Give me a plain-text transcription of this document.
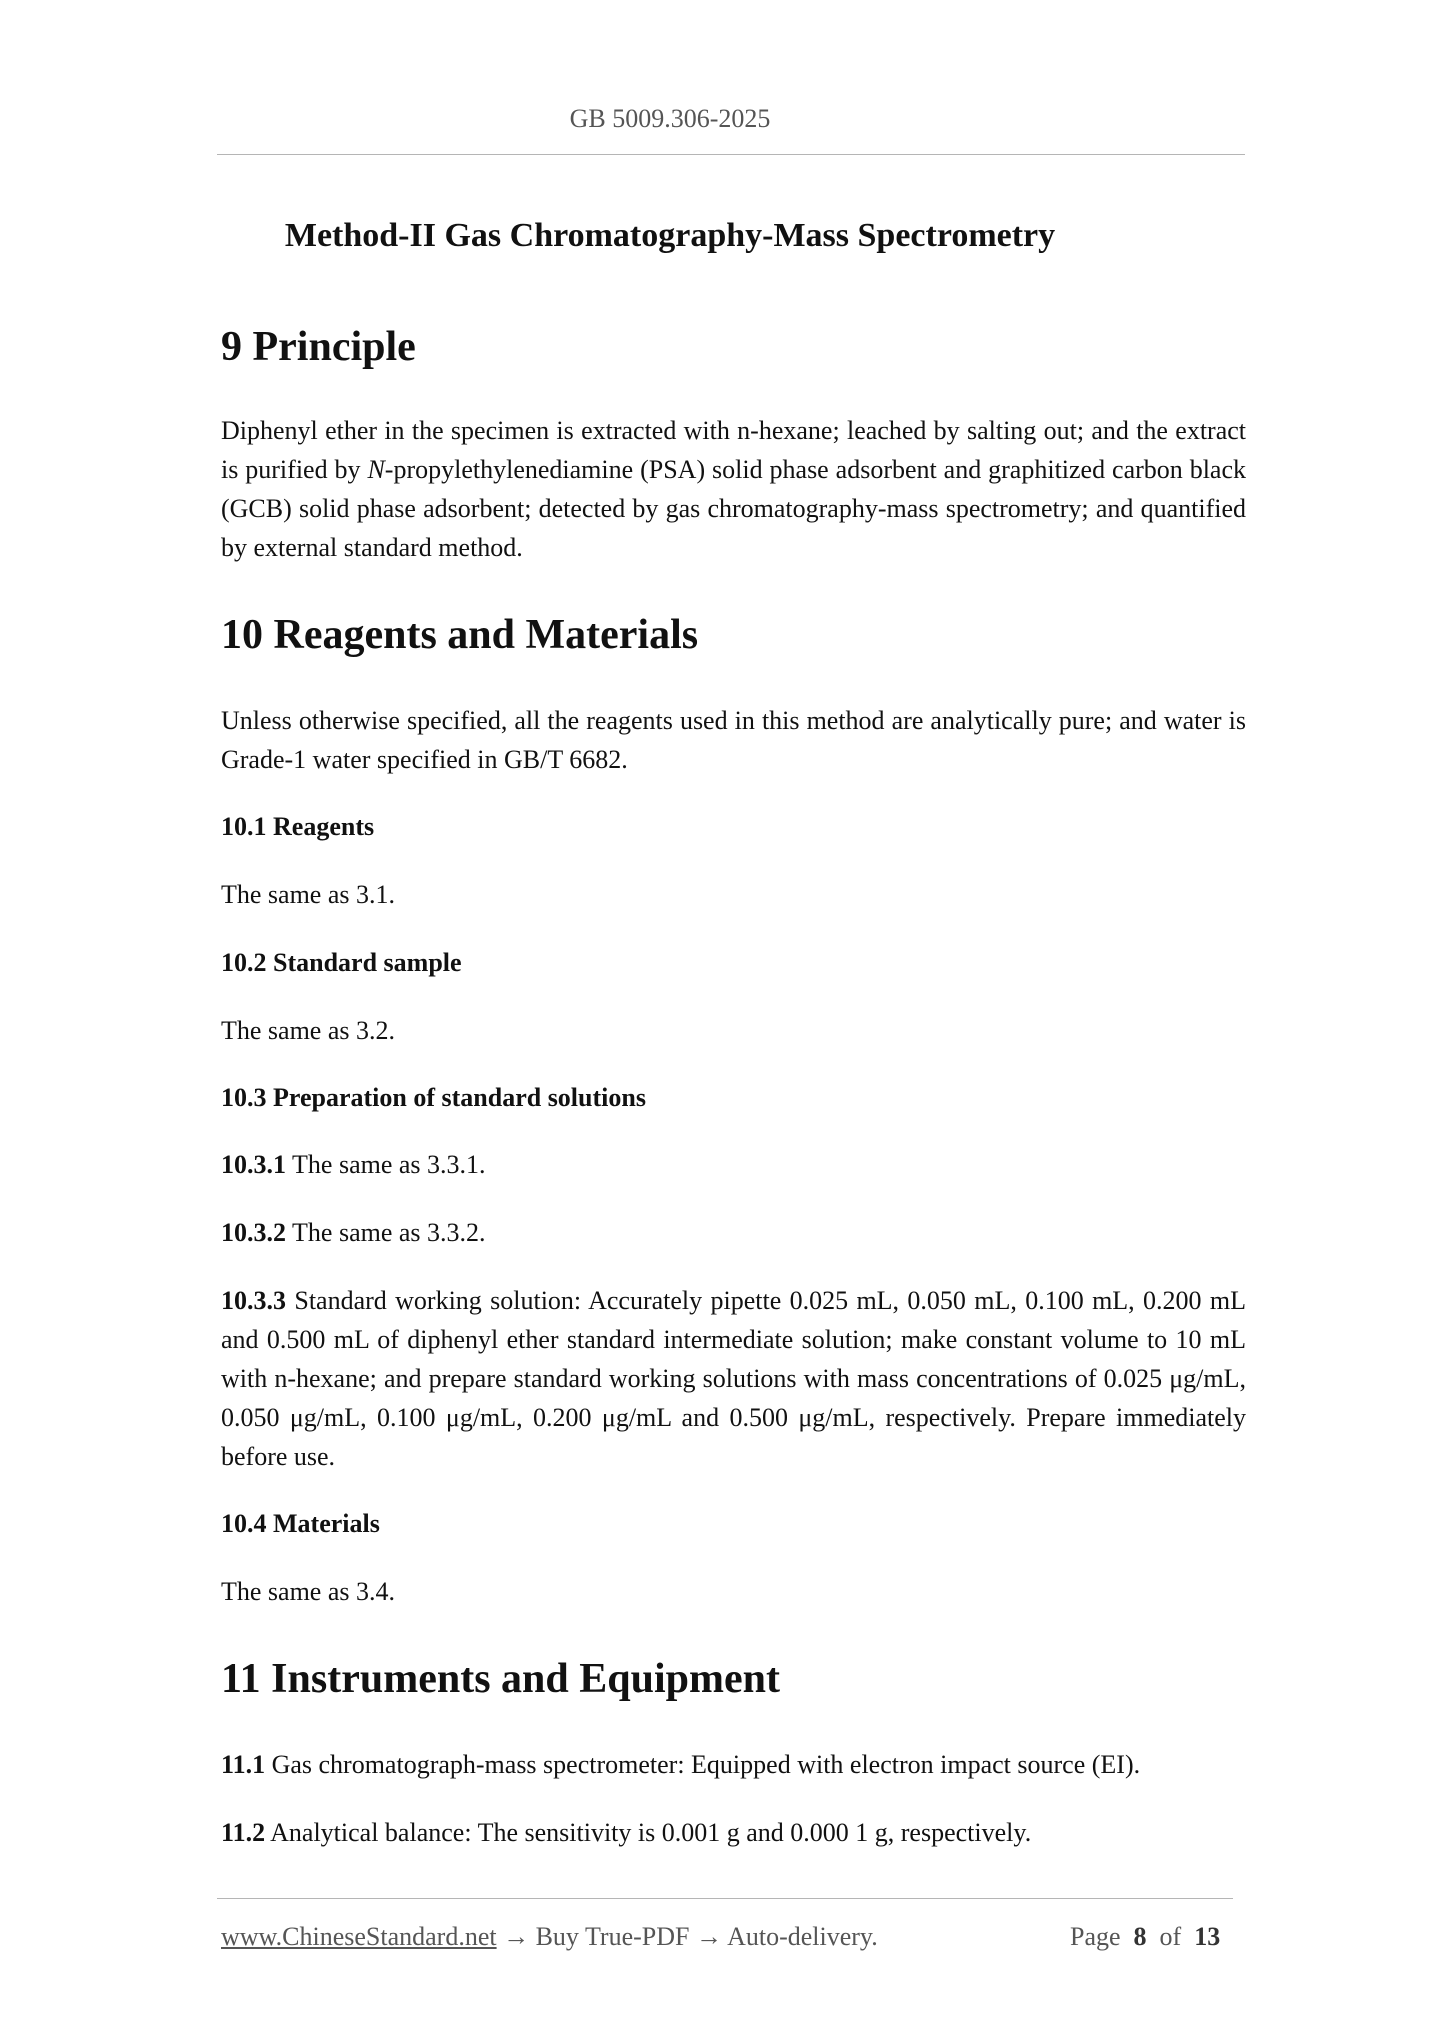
GB 5009.306-2025
Method-II Gas Chromatography-Mass Spectrometry
9 Principle

Diphenyl ether in the specimen is extracted with n-hexane; leached by salting out; and the extract is purified by N-propylethylenediamine (PSA) solid phase adsorbent and graphitized carbon black (GCB) solid phase adsorbent; detected by gas chromatography-mass spectrometry; and quantified by external standard method.

10 Reagents and Materials

Unless otherwise specified, all the reagents used in this method are analytically pure; and water is Grade-1 water specified in GB/T 6682.

10.1 Reagents

The same as 3.1.

10.2 Standard sample

The same as 3.2.

10.3 Preparation of standard solutions

10.3.1 The same as 3.3.1.

10.3.2 The same as 3.3.2.

10.3.3 Standard working solution: Accurately pipette 0.025 mL, 0.050 mL, 0.100 mL, 0.200 mL and 0.500 mL of diphenyl ether standard intermediate solution; make constant volume to 10 mL with n-hexane; and prepare standard working solutions with mass concentrations of 0.025 μg/mL, 0.050 μg/mL, 0.100 μg/mL, 0.200 μg/mL and 0.500 μg/mL, respectively. Prepare immediately before use.

10.4 Materials

The same as 3.4.

11 Instruments and Equipment

11.1 Gas chromatograph-mass spectrometer: Equipped with electron impact source (EI).

11.2 Analytical balance: The sensitivity is 0.001 g and 0.000 1 g, respectively.

www.ChineseStandard.net → Buy True-PDF → Auto-delivery.	Page 8 of 13
